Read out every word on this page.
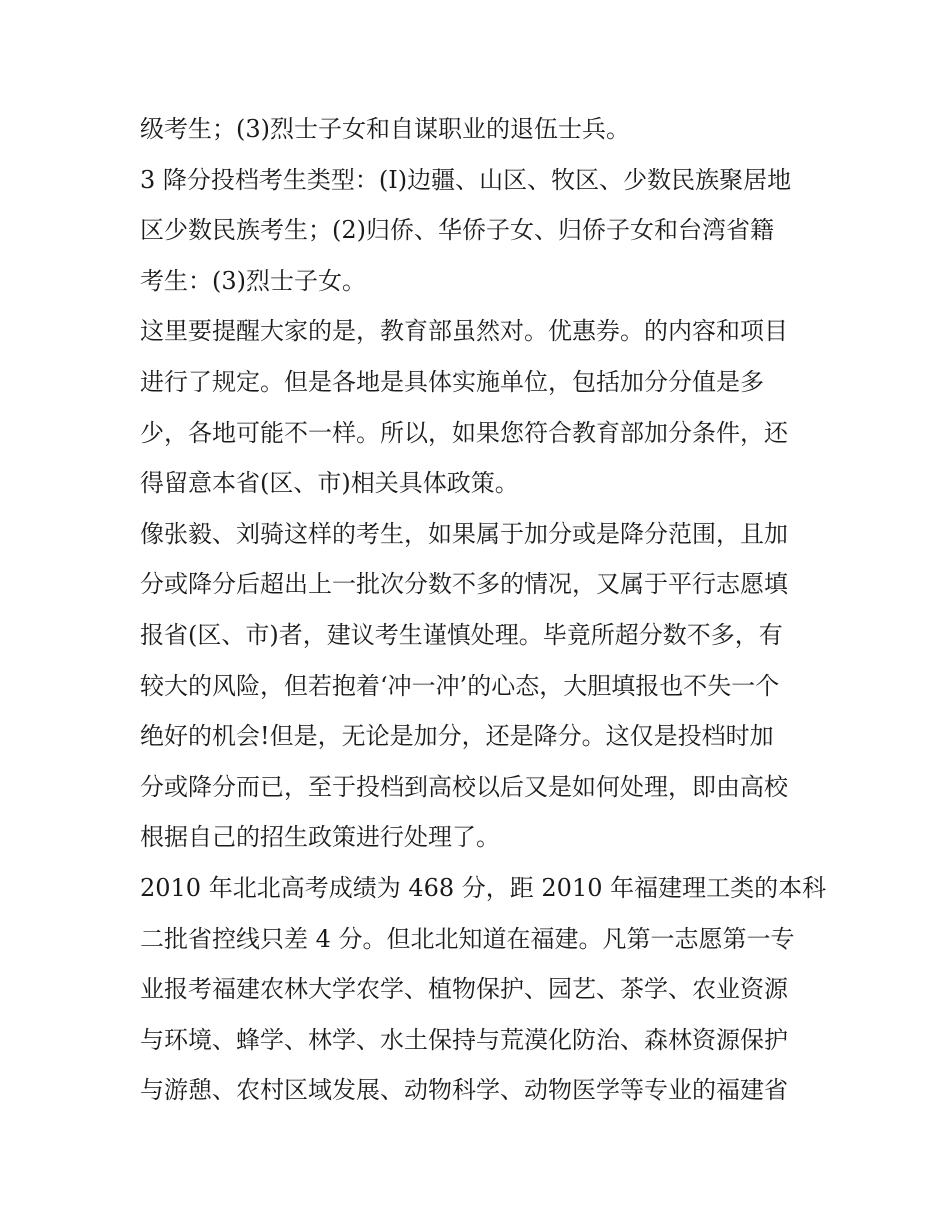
级考生；(3)烈士子女和自谋职业的退伍士兵。
3 降分投档考生类型：(I)边疆、山区、牧区、少数民族聚居地
区少数民族考生；(2)归侨、华侨子女、归侨子女和台湾省籍
考生：(3)烈士子女。
这里要提醒大家的是，教育部虽然对。优惠券。的内容和项目
进行了规定。但是各地是具体实施单位，包括加分分值是多
少，各地可能不一样。所以，如果您符合教育部加分条件，还
得留意本省(区、市)相关具体政策。
像张毅、刘骑这样的考生，如果属于加分或是降分范围，且加
分或降分后超出上一批次分数不多的情况，又属于平行志愿填
报省(区、市)者，建议考生谨慎处理。毕竟所超分数不多，有
较大的风险，但若抱着‘冲一冲’的心态，大胆填报也不失一个
绝好的机会!但是，无论是加分，还是降分。这仅是投档时加
分或降分而已，至于投档到高校以后又是如何处理，即由高校
根据自己的招生政策进行处理了。
2010 年北北高考成绩为 468 分，距 2010 年福建理工类的本科
二批省控线只差 4 分。但北北知道在福建。凡第一志愿第一专
业报考福建农林大学农学、植物保护、园艺、茶学、农业资源
与环境、蜂学、林学、水土保持与荒漠化防治、森林资源保护
与游憩、农村区域发展、动物科学、动物医学等专业的福建省
